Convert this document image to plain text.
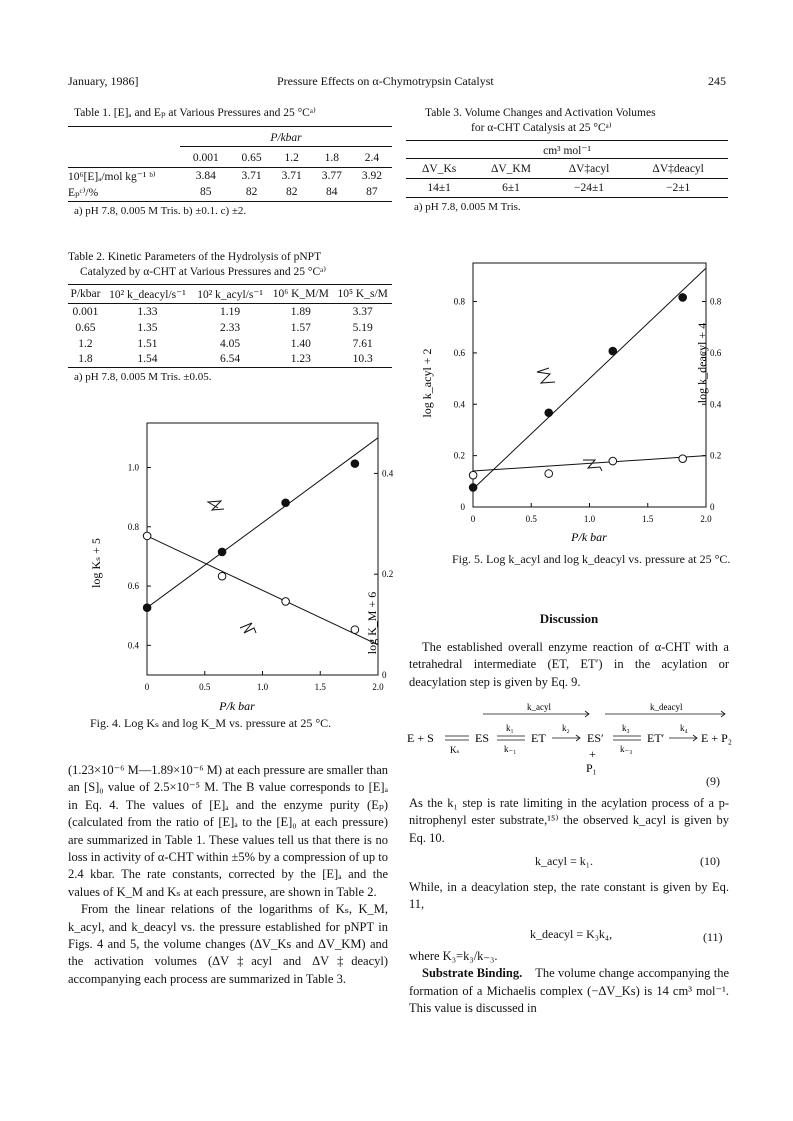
January, 1986]	Pressure Effects on α-Chymotrypsin Catalyst	245
Table 1. [E]ₐ and Eₚ at Various Pressures and 25 °Cᵃ⁾
	P/kbar				

	0.001	0.65	1.2	1.8	2.4
10⁶[E]ₐ/mol kg⁻¹ ᵇ⁾	3.84	3.71	3.71	3.77	3.92
Eₚᶜ⁾/%	85	82	82	84	87

a) pH 7.8, 0.005 M Tris. b) ±0.1. c) ±2.
Table 2. Kinetic Parameters of the Hydrolysis of pNPT
Catalyzed by α-CHT at Various Pressures and 25 °Cᵃ⁾
P/kbar	10² k_deacyl/s⁻¹	10² k_acyl/s⁻¹	10⁶ K_M/M	10⁵ K_s/M
0.001	1.33	1.19	1.89	3.37
0.65	1.35	2.33	1.57	5.19
1.2	1.51	4.05	1.40	7.61
1.8	1.54	6.54	1.23	10.3

a) pH 7.8, 0.005 M Tris. ±0.05.
0	0.5	1.0	1.5	2.0
0.4
0.6
0.8
1.0
0
0.2
0.4
log Kₛ + 5
log K_M + 6
P/k bar
Fig. 4. Log Kₛ and log K_M vs. pressure at 25 °C.

(1.23×10⁻⁶ M—1.89×10⁻⁶ M) at each pressure are smaller than an [S]₀ value of 2.5×10⁻⁵ M. The B value corresponds to [E]ₐ in Eq. 4. The values of [E]ₐ and the enzyme purity (Eₚ) (calculated from the ratio of [E]ₐ to the [E]₀ at each pressure) are summarized in Table 1. These values tell us that there is no loss in activity of α-CHT within ±5% by a compression of up to 2.4 kbar. The rate constants, corrected by the [E]ₐ and the values of K_M and Kₛ at each pressure, are shown in Table 2.

From the linear relations of the logarithms of Kₛ, K_M, k_acyl, and k_deacyl vs. the pressure established for pNPT in Figs. 4 and 5, the volume changes (ΔV_Ks and ΔV_KM) and the activation volumes (ΔV‡acyl and ΔV‡deacyl) accompanying each process are summarized in Table 3.

Table 3. Volume Changes and Activation Volumes
for α-CHT Catalysis at 25 °Cᵃ⁾
cm³ mol⁻¹			
ΔV_Ks	ΔV_KM	ΔV‡acyl	ΔV‡deacyl
14±1	6±1	−24±1	−2±1

a) pH 7.8, 0.005 M Tris.
0	0.5	1.0	1.5	2.0
0
0.2
0.4
0.6
0.8
0
0.2
0.4
0.6
0.8
log k_acyl + 2	log k_deacyl + 4
P/k bar
Fig. 5. Log k_acyl and log k_deacyl vs. pressure at 25 °C.
Discussion

The established overall enzyme reaction of α-CHT with a tetrahedral intermediate (ET, ET′) in the acylation or deacylation step is given by Eq. 9.

k_acyl	k_deacyl
E + S
Kₛ
ES
k₁
k₋₁
ET
k₂
ES′
k₃
k₋₃
ET′
k₄
E + P₂
+
P₁
(9)

As the k₁ step is rate limiting in the acylation process of a p-nitrophenyl ester substrate,¹⁵⁾ the observed k_acyl is given by Eq. 10.

k_acyl = k₁.	(10)

While, in a deacylation step, the rate constant is given by Eq. 11,

k_deacyl = K₃k₄,	(11)

where K₃=k₃/k₋₃.

Substrate Binding. The volume change accompanying the formation of a Michaelis complex (−ΔV_Ks) is 14 cm³ mol⁻¹. This value is discussed in
